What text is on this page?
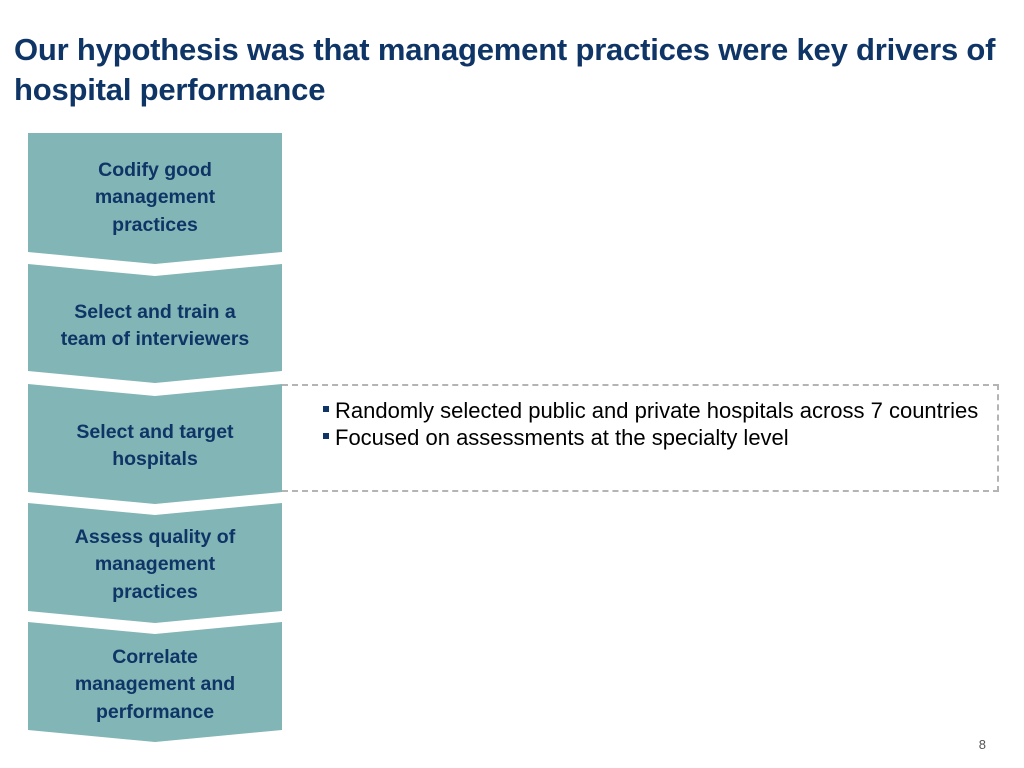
Our hypothesis was that management practices were key drivers of hospital performance
Codify good management practices
Select and train a team of interviewers
Select and target hospitals
Assess quality of management practices
Correlate management and performance
Randomly selected public and private hospitals across 7 countries
Focused on assessments at the specialty level
8
